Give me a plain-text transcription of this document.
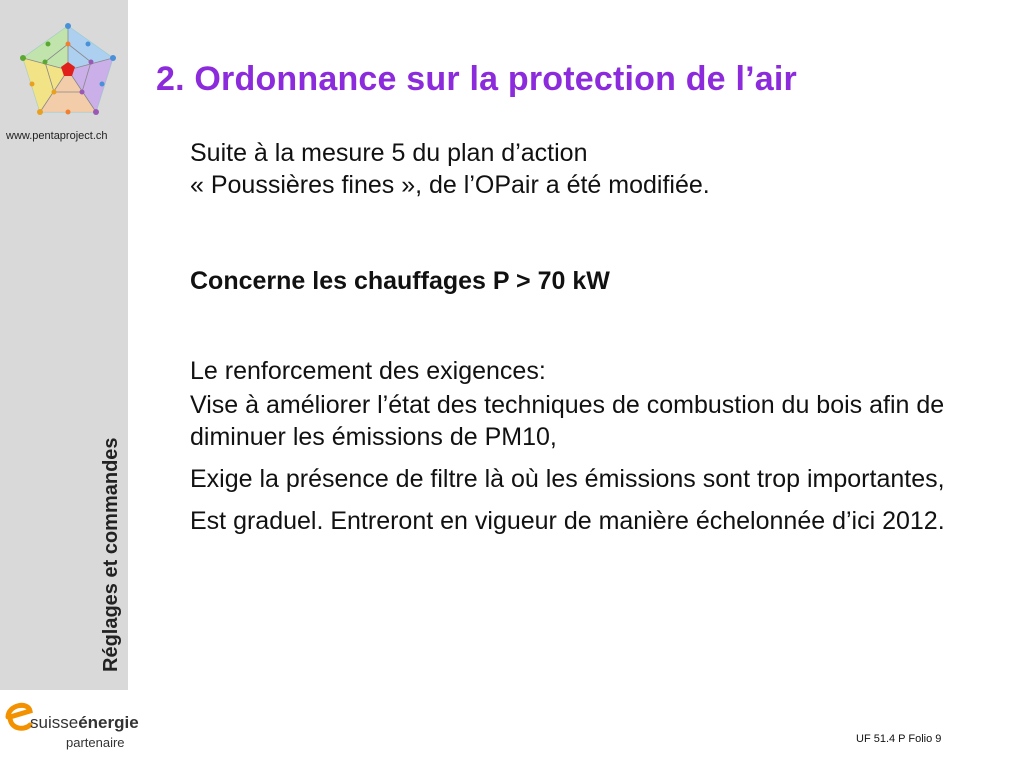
www.pentaproject.ch
Réglages et commandes
2. Ordonnance sur la protection de l’air

Suite à la mesure 5 du plan d’action
« Poussières fines », de l’OPair a été modifiée.

Concerne les chauffages P > 70 kW

Le renforcement des exigences:

Vise à améliorer l’état des techniques de combustion du bois afin de diminuer les émissions de PM10,

Exige la présence de filtre là où les émissions sont trop importantes,

Est graduel. Entreront en vigueur de manière échelonnée d’ici 2012.

suisseénergie
partenaire	UF 51.4 P Folio 9
